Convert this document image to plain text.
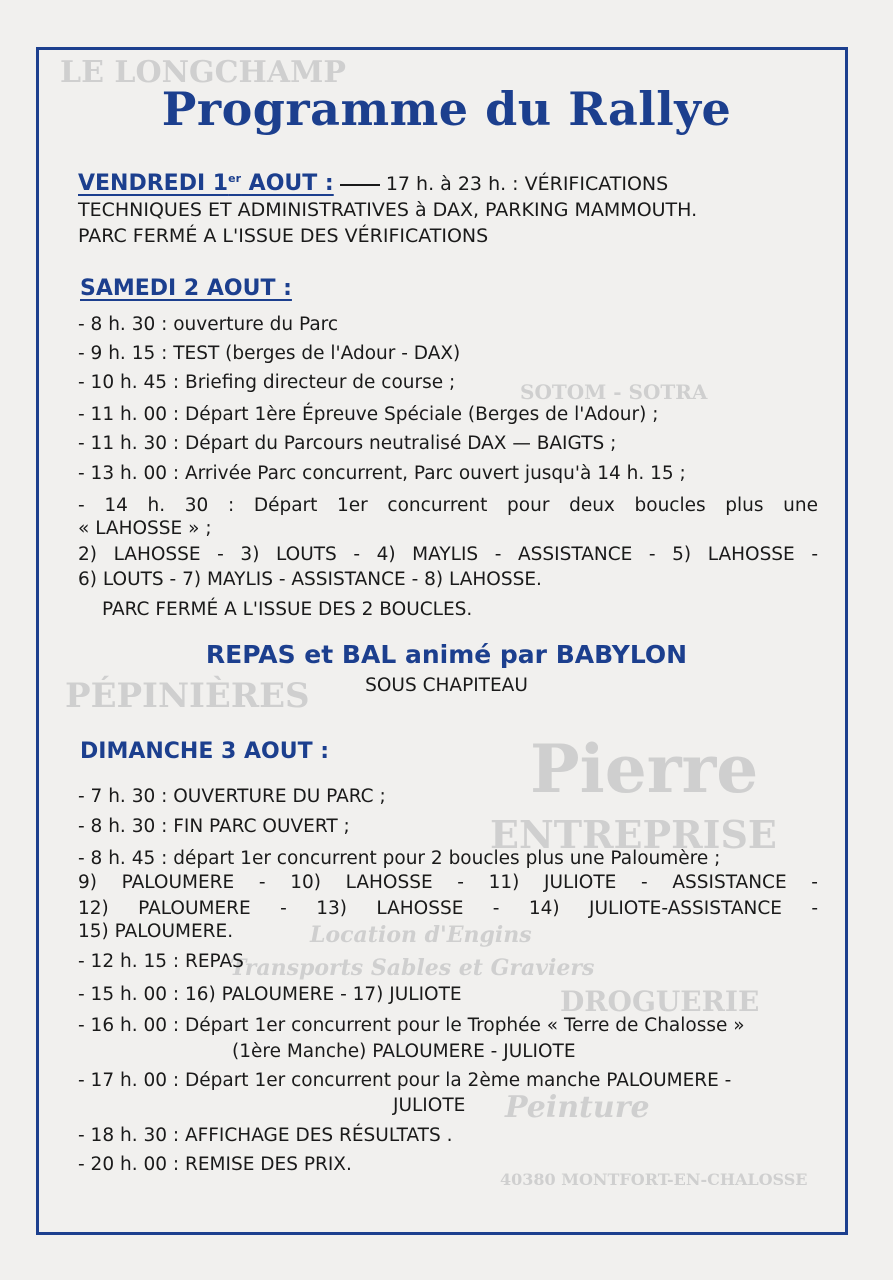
LE LONGCHAMP
SOTOM - SOTRA
PÉPINIÈRES
Pierre
ENTREPRISE
Location d'Engins
Transports Sables et Graviers
DROGUERIE
Peinture
40380 MONTFORT-EN-CHALOSSE
Programme du Rallye
VENDREDI 1er AOUT :	17 h. à 23 h. : VÉRIFICATIONS
TECHNIQUES ET ADMINISTRATIVES à DAX, PARKING MAMMOUTH.
PARC FERMÉ A L'ISSUE DES VÉRIFICATIONS
SAMEDI 2 AOUT :
- 8 h. 30 : ouverture du Parc
- 9 h. 15 : TEST (berges de l'Adour - DAX)
- 10 h. 45 : Briefing directeur de course ;
- 11 h. 00 : Départ 1ère Épreuve Spéciale (Berges de l'Adour) ;
- 11 h. 30 : Départ du Parcours neutralisé DAX — BAIGTS ;
- 13 h. 00 : Arrivée Parc concurrent, Parc ouvert jusqu'à 14 h. 15 ;
- 14 h. 30 : Départ 1er concurrent pour deux boucles plus une
« LAHOSSE » ;
2) LAHOSSE - 3) LOUTS - 4) MAYLIS - ASSISTANCE - 5) LAHOSSE -
6) LOUTS - 7) MAYLIS - ASSISTANCE - 8) LAHOSSE.
PARC FERMÉ A L'ISSUE DES 2 BOUCLES.
REPAS et BAL animé par BABYLON
SOUS CHAPITEAU
DIMANCHE 3 AOUT :
- 7 h. 30 : OUVERTURE DU PARC ;
- 8 h. 30 : FIN PARC OUVERT ;
- 8 h. 45 : départ 1er concurrent pour 2 boucles plus une Paloumère ;
9) PALOUMERE - 10) LAHOSSE - 11) JULIOTE - ASSISTANCE -
12) PALOUMERE - 13) LAHOSSE - 14) JULIOTE-ASSISTANCE -
15) PALOUMERE.
- 12 h. 15 : REPAS
- 15 h. 00 : 16) PALOUMERE - 17) JULIOTE
- 16 h. 00 : Départ 1er concurrent pour le Trophée « Terre de Chalosse »
(1ère Manche) PALOUMERE - JULIOTE
- 17 h. 00 : Départ 1er concurrent pour la 2ème manche PALOUMERE -
JULIOTE
- 18 h. 30 : AFFICHAGE DES RÉSULTATS .
- 20 h. 00 : REMISE DES PRIX.
